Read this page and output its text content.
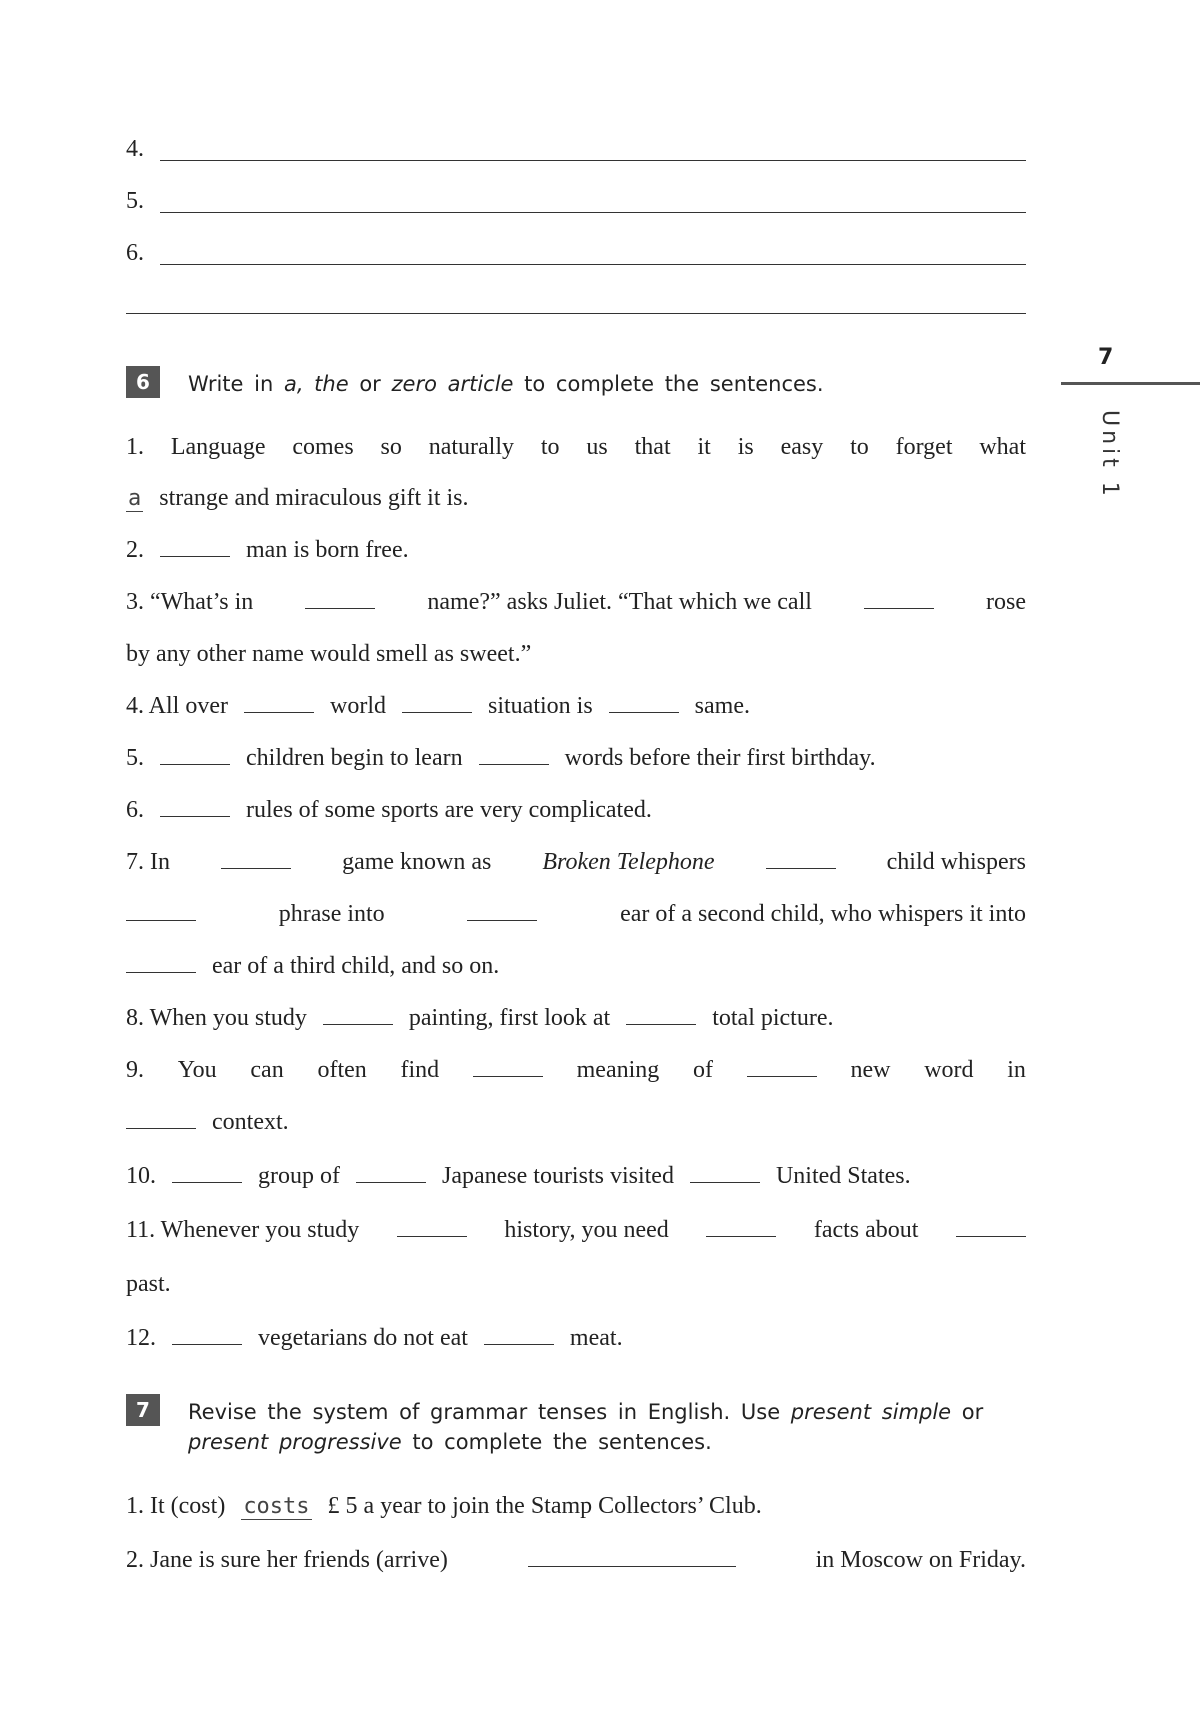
4.
5.
6.
7
Unit 1
6	Write in a, the or zero article to complete the sentences.
1. Language comes so naturally to us that it is easy to forget what
a strange and miraculous gift it is.
2.	man is born free.
3. “What’s in	name?” asks Juliet. “That which we call	rose
by any other name would smell as sweet.”
4. All over	world	situation is	same.
5.	children begin to learn	words before their first birthday.
6.	rules of some sports are very complicated.
7. In	game known as Broken Telephone	child whispers
phrase into	ear of a second child, who whispers it into
ear of a third child, and so on.
8. When you study	painting, first look at	total picture.
9. You can often find	meaning of	new word in
context.
10.	group of	Japanese tourists visited	United States.
11. Whenever you study	history, you need	facts about
past.
12.	vegetarians do not eat	meat.
7	Revise the system of grammar tenses in English. Use present simple or present progressive to complete the sentences.
1. It (cost) costs £ 5 a year to join the Stamp Collectors’ Club.
2. Jane is sure her friends (arrive)	in Moscow on Friday.
